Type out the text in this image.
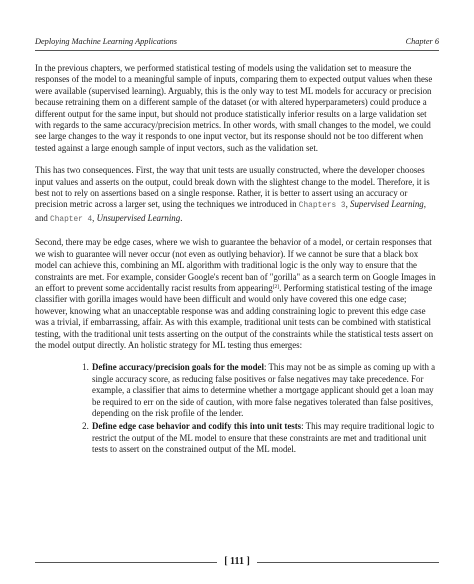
Deploying Machine Learning Applications	Chapter 6

In the previous chapters, we performed statistical testing of models using the validation set to measure the responses of the model to a meaningful sample of inputs, comparing them to expected output values when these were available (supervised learning). Arguably, this is the only way to test ML models for accuracy or precision because retraining them on a different sample of the dataset (or with altered hyperparameters) could produce a different output for the same input, but should not produce statistically inferior results on a large validation set with regards to the same accuracy/precision metrics. In other words, with small changes to the model, we could see large changes to the way it responds to one input vector, but its response should not be too different when tested against a large enough sample of input vectors, such as the validation set.

This has two consequences. First, the way that unit tests are usually constructed, where the developer chooses input values and asserts on the output, could break down with the slightest change to the model. Therefore, it is best not to rely on assertions based on a single response. Rather, it is better to assert using an accuracy or precision metric across a larger set, using the techniques we introduced in Chapters 3, Supervised Learning, and Chapter 4, Unsupervised Learning.

Second, there may be edge cases, where we wish to guarantee the behavior of a model, or certain responses that we wish to guarantee will never occur (not even as outlying behavior). If we cannot be sure that a black box model can achieve this, combining an ML algorithm with traditional logic is the only way to ensure that the constraints are met. For example, consider Google's recent ban of "gorilla" as a search term on Google Images in an effort to prevent some accidentally racist results from appearing[2]. Performing statistical testing of the image classifier with gorilla images would have been difficult and would only have covered this one edge case; however, knowing what an unacceptable response was and adding constraining logic to prevent this edge case was a trivial, if embarrassing, affair. As with this example, traditional unit tests can be combined with statistical testing, with the traditional unit tests asserting on the output of the constraints while the statistical tests assert on the model output directly. An holistic strategy for ML testing thus emerges:

1. Define accuracy/precision goals for the model: This may not be as simple as coming up with a single accuracy score, as reducing false positives or false negatives may take precedence. For example, a classifier that aims to determine whether a mortgage applicant should get a loan may be required to err on the side of caution, with more false negatives tolerated than false positives, depending on the risk profile of the lender.
2. Define edge case behavior and codify this into unit tests: This may require traditional logic to restrict the output of the ML model to ensure that these constraints are met and traditional unit tests to assert on the constrained output of the ML model.
[ 111 ]
